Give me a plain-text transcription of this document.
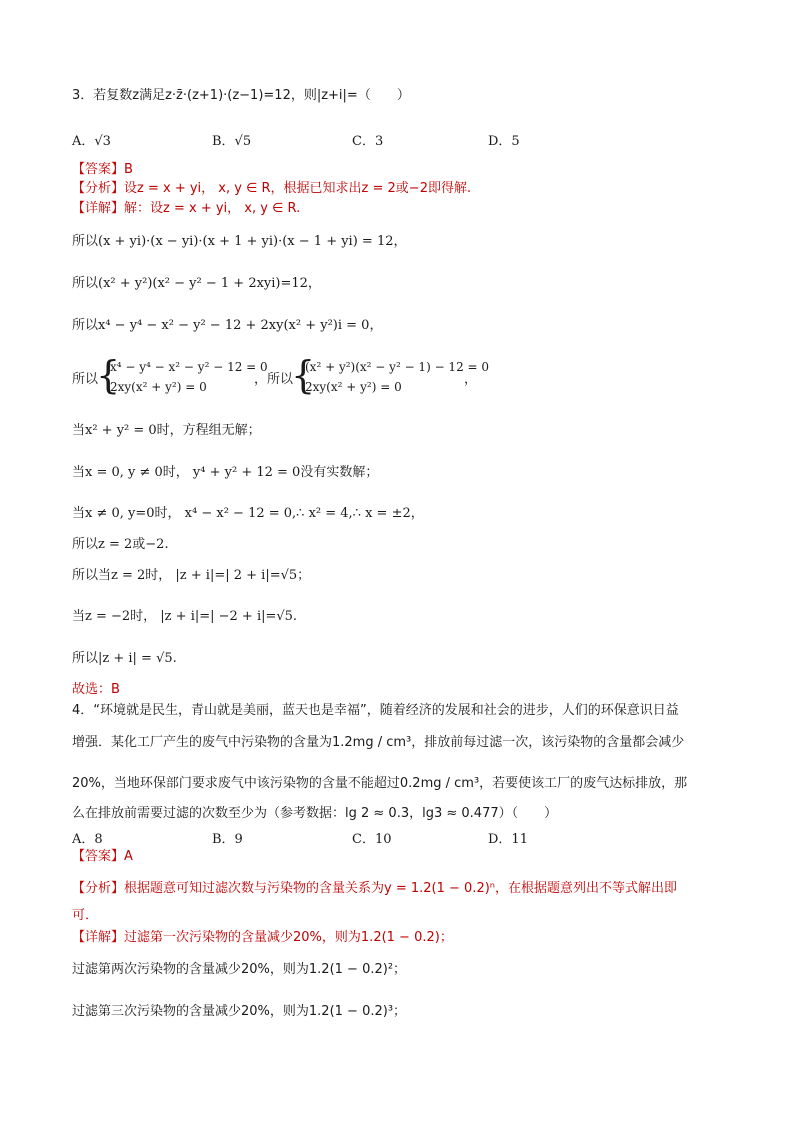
3．若复数z满足z·z̄·(z+1)·(z−1)=12，则|z+i|=（　　）
A．√3	B．√5	C．3	D．5
【答案】B
【分析】设z = x + yi， x, y ∈ R，根据已知求出z = 2或−2即得解.
【详解】解：设z = x + yi， x, y ∈ R.
所以(x + yi)·(x − yi)·(x + 1 + yi)·(x − 1 + yi) = 12，
所以(x² + y²)(x² − y² − 1 + 2xyi)=12，
所以x⁴ − y⁴ − x² − y² − 12 + 2xy(x² + y²)i = 0，
所以
{
x⁴ − y⁴ − x² − y² − 12 = 0
2xy(x² + y²) = 0	，所以
{
(x² + y²)(x² − y² − 1) − 12 = 0
2xy(x² + y²) = 0	，
当x² + y² = 0时，方程组无解；
当x = 0, y ≠ 0时， y⁴ + y² + 12 = 0没有实数解；
当x ≠ 0, y=0时， x⁴ − x² − 12 = 0,∴ x² = 4,∴ x = ±2，
所以z = 2或−2.
所以当z = 2时， |z + i|=| 2 + i|=√5；
当z = −2时， |z + i|=| −2 + i|=√5.
所以|z + i| = √5.
故选：B
4．“环境就是民生，青山就是美丽，蓝天也是幸福”，随着经济的发展和社会的进步，人们的环保意识日益
增强．某化工厂产生的废气中污染物的含量为1.2mg / cm³，排放前每过滤一次，该污染物的含量都会减少
20%，当地环保部门要求废气中该污染物的含量不能超过0.2mg / cm³，若要使该工厂的废气达标排放，那
么在排放前需要过滤的次数至少为（参考数据：lg 2 ≈ 0.3，lg3 ≈ 0.477）（　　）
A．8	B．9	C．10	D．11
【答案】A
【分析】根据题意可知过滤次数与污染物的含量关系为y = 1.2(1 − 0.2)ⁿ，在根据题意列出不等式解出即
可．
【详解】过滤第一次污染物的含量减少20%，则为1.2(1 − 0.2)；
过滤第两次污染物的含量减少20%，则为1.2(1 − 0.2)²；
过滤第三次污染物的含量减少20%，则为1.2(1 − 0.2)³；
